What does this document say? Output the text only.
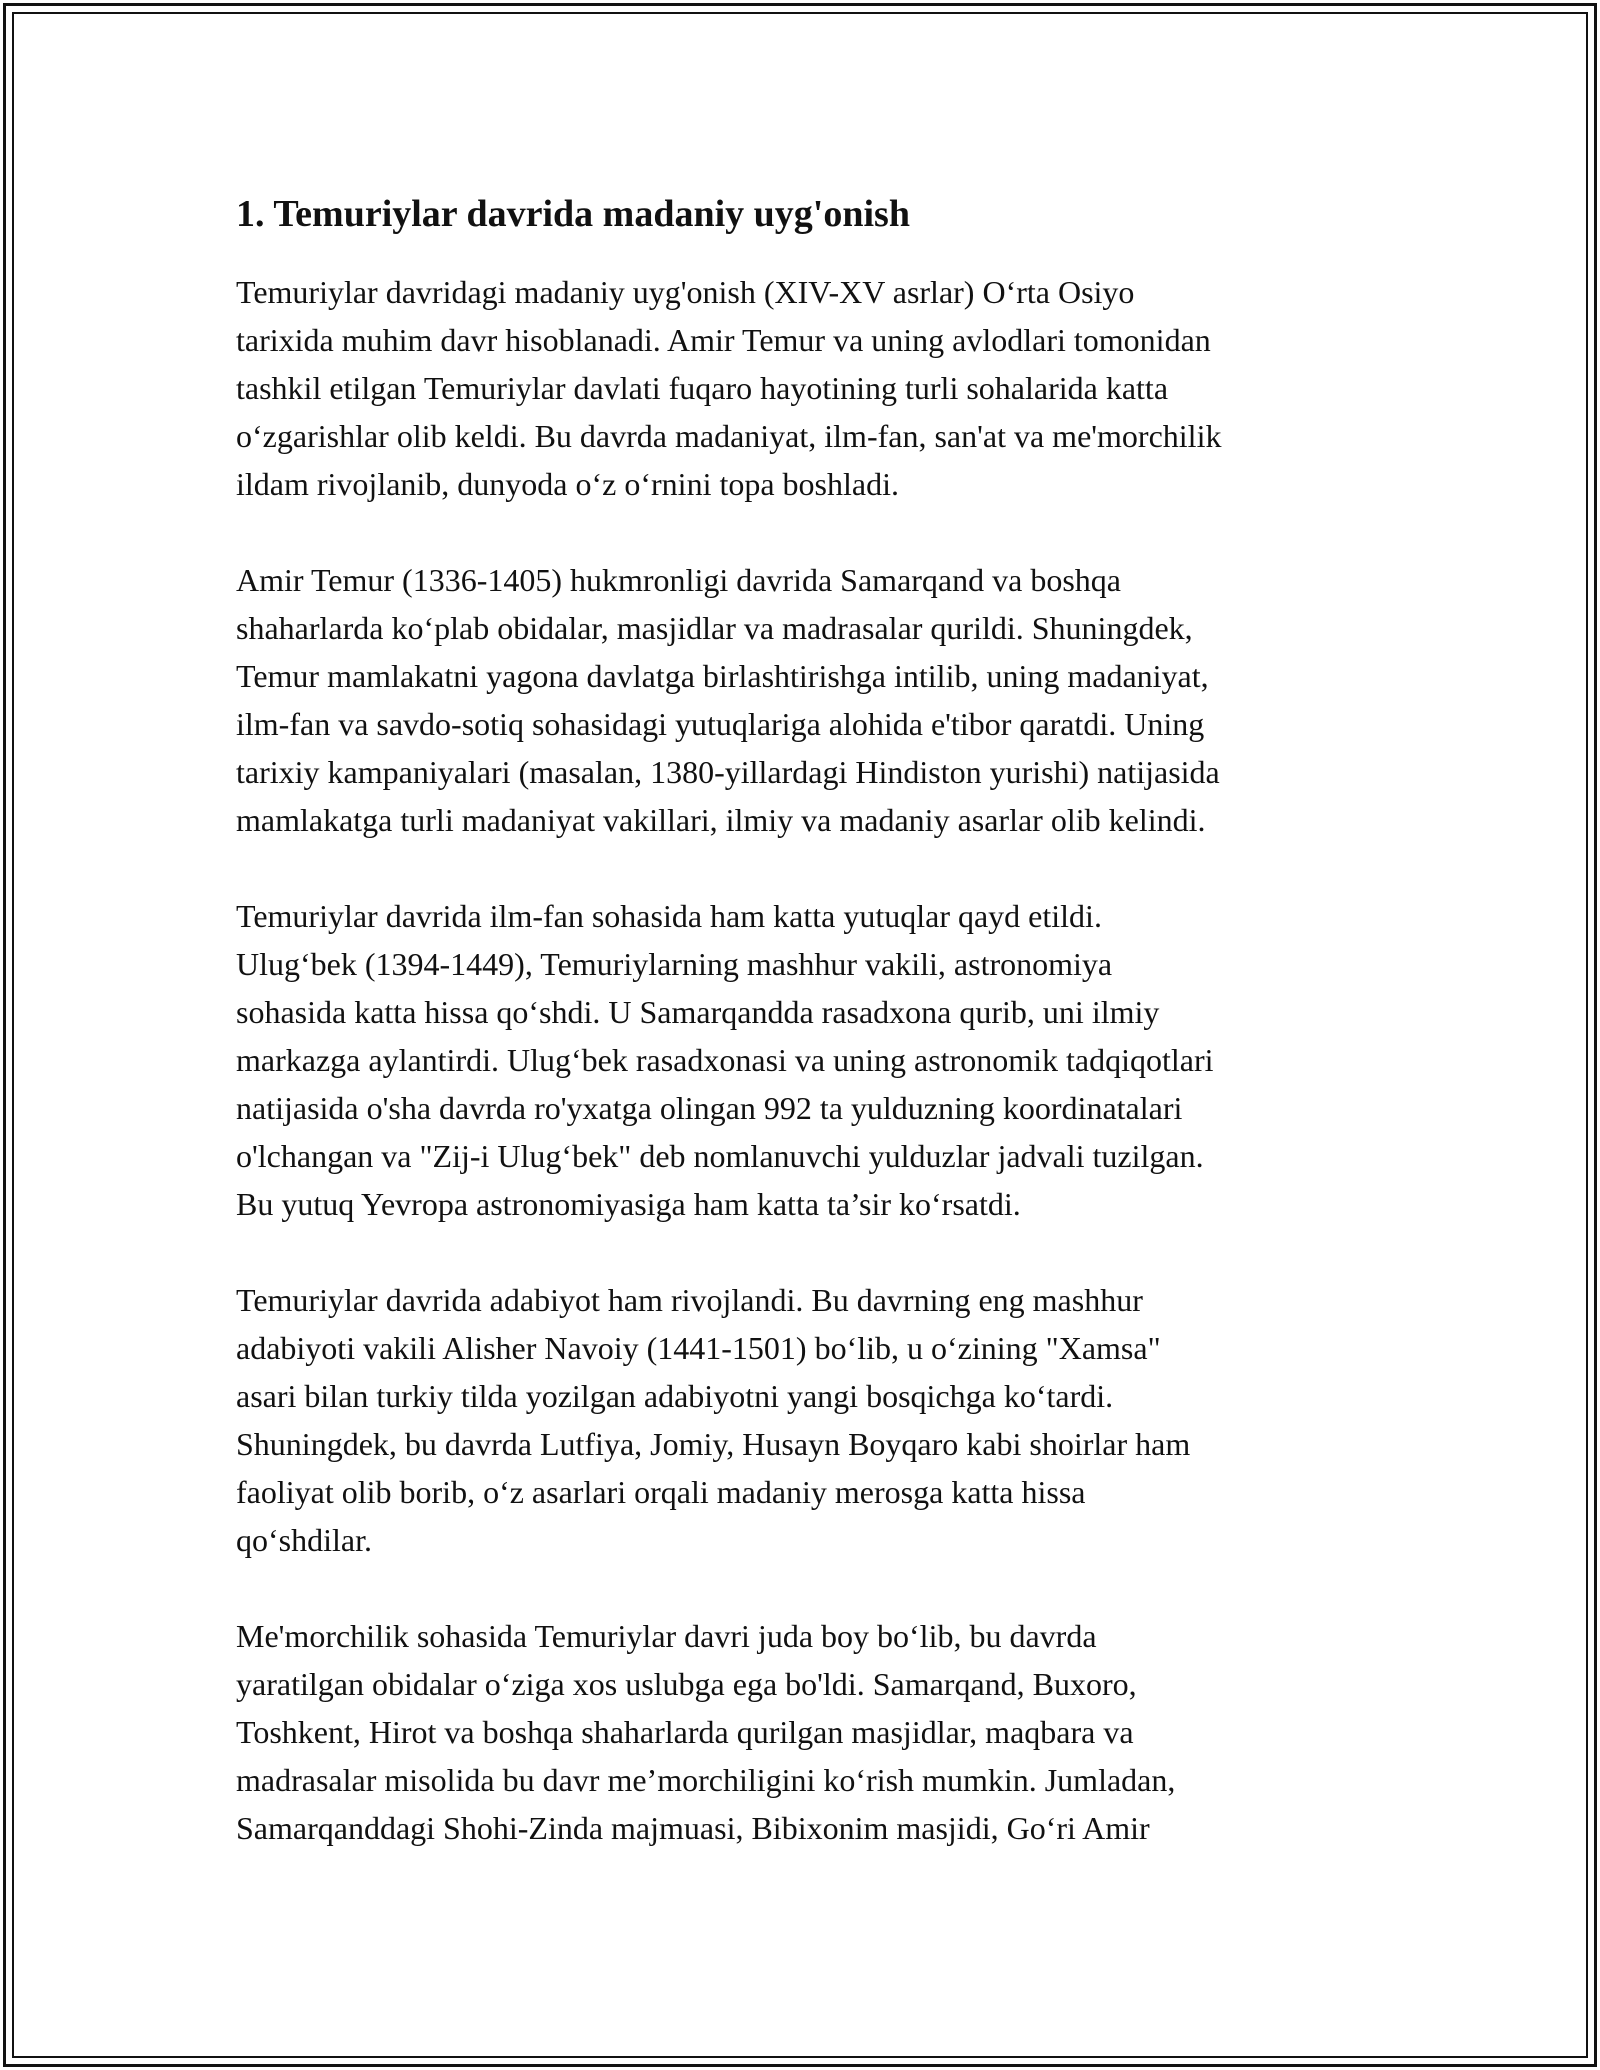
1. Temuriylar davrida madaniy uyg'onish

Temuriylar davridagi madaniy uyg'onish (XIV-XV asrlar) O‘rta Osiyo
tarixida muhim davr hisoblanadi. Amir Temur va uning avlodlari tomonidan
tashkil etilgan Temuriylar davlati fuqaro hayotining turli sohalarida katta
o‘zgarishlar olib keldi. Bu davrda madaniyat, ilm-fan, san'at va me'morchilik
ildam rivojlanib, dunyoda o‘z o‘rnini topa boshladi.

Amir Temur (1336-1405) hukmronligi davrida Samarqand va boshqa
shaharlarda ko‘plab obidalar, masjidlar va madrasalar qurildi. Shuningdek,
Temur mamlakatni yagona davlatga birlashtirishga intilib, uning madaniyat,
ilm-fan va savdo-sotiq sohasidagi yutuqlariga alohida e'tibor qaratdi. Uning
tarixiy kampaniyalari (masalan, 1380-yillardagi Hindiston yurishi) natijasida
mamlakatga turli madaniyat vakillari, ilmiy va madaniy asarlar olib kelindi.

Temuriylar davrida ilm-fan sohasida ham katta yutuqlar qayd etildi.
Ulug‘bek (1394-1449), Temuriylarning mashhur vakili, astronomiya
sohasida katta hissa qo‘shdi. U Samarqandda rasadxona qurib, uni ilmiy
markazga aylantirdi. Ulug‘bek rasadxonasi va uning astronomik tadqiqotlari
natijasida o'sha davrda ro'yxatga olingan 992 ta yulduzning koordinatalari
o'lchangan va "Zij-i Ulug‘bek" deb nomlanuvchi yulduzlar jadvali tuzilgan.
Bu yutuq Yevropa astronomiyasiga ham katta ta’sir ko‘rsatdi.

Temuriylar davrida adabiyot ham rivojlandi. Bu davrning eng mashhur
adabiyoti vakili Alisher Navoiy (1441-1501) bo‘lib, u o‘zining "Xamsa"
asari bilan turkiy tilda yozilgan adabiyotni yangi bosqichga ko‘tardi.
Shuningdek, bu davrda Lutfiya, Jomiy, Husayn Boyqaro kabi shoirlar ham
faoliyat olib borib, o‘z asarlari orqali madaniy merosga katta hissa
qo‘shdilar.

Me'morchilik sohasida Temuriylar davri juda boy bo‘lib, bu davrda
yaratilgan obidalar o‘ziga xos uslubga ega bo'ldi. Samarqand, Buxoro,
Toshkent, Hirot va boshqa shaharlarda qurilgan masjidlar, maqbara va
madrasalar misolida bu davr me’morchiligini ko‘rish mumkin. Jumladan,
Samarqanddagi Shohi-Zinda majmuasi, Bibixonim masjidi, Go‘ri Amir
